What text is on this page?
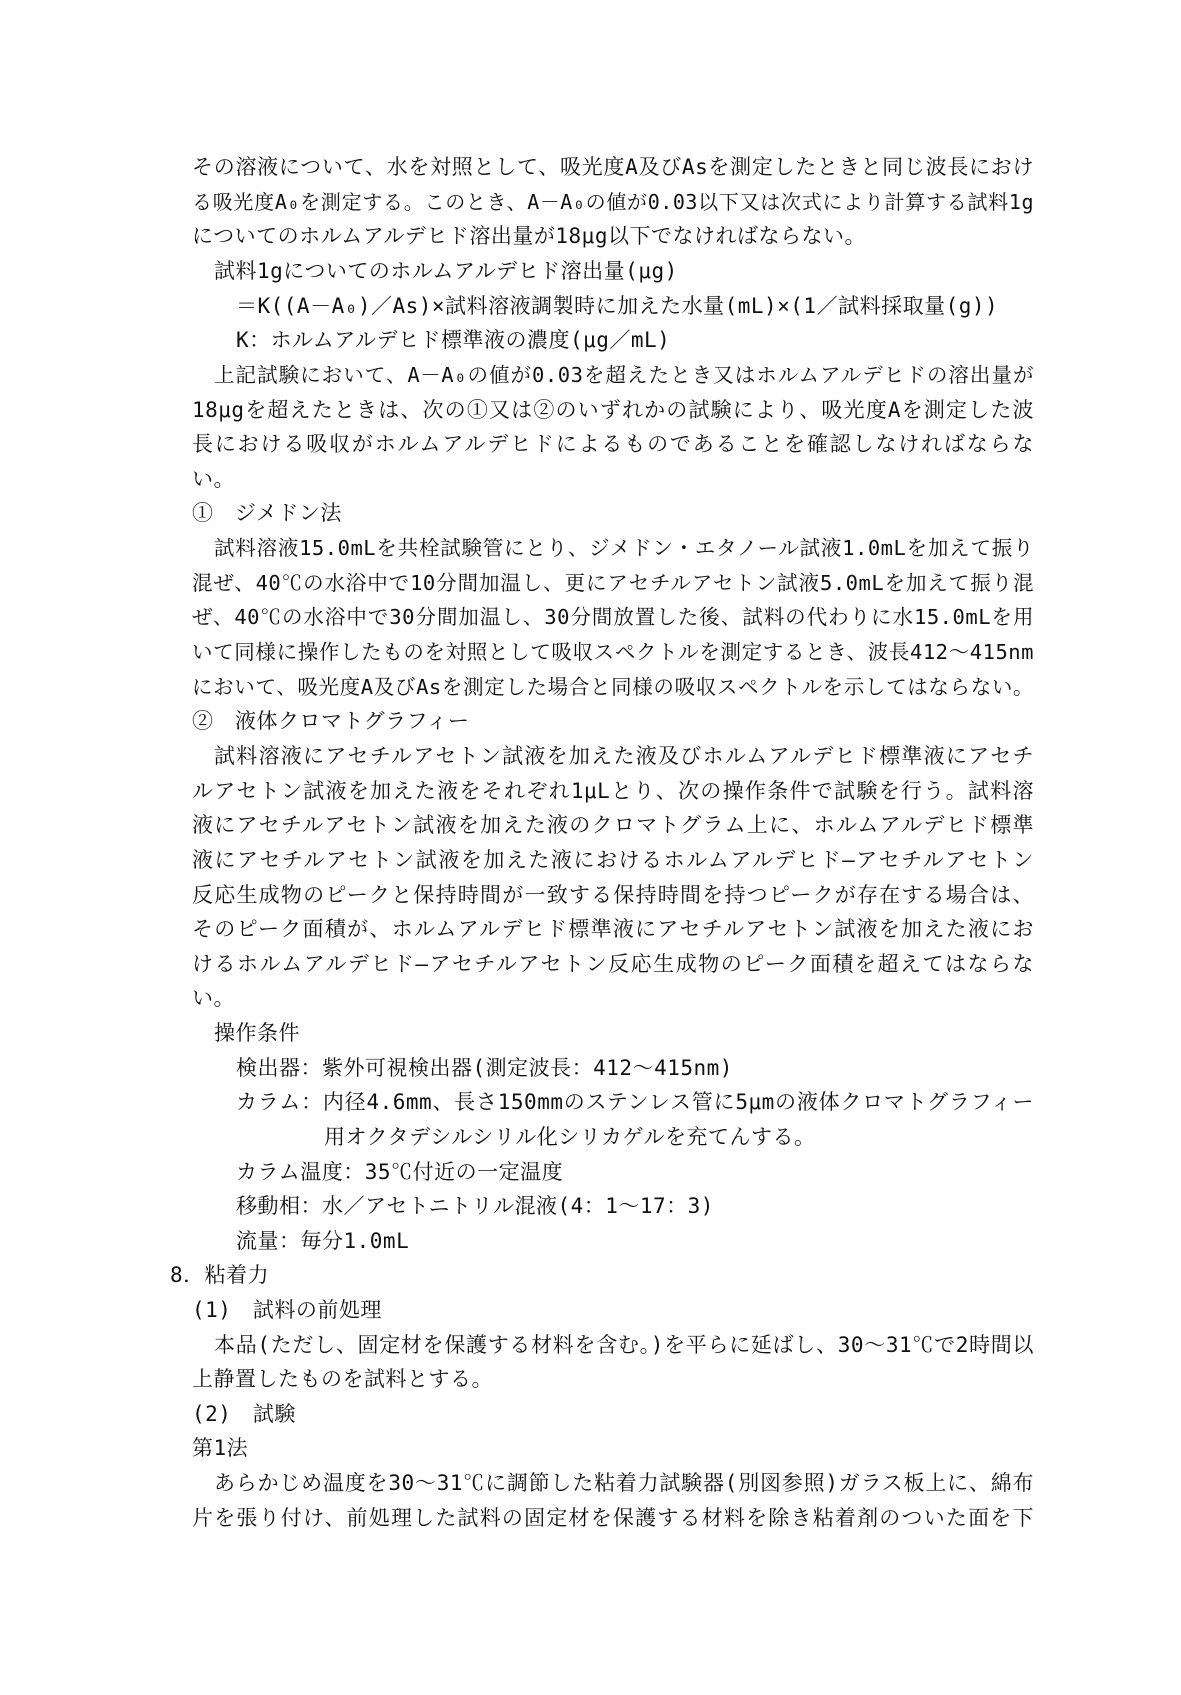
その溶液について、水を対照として、吸光度A及びAsを測定したときと同じ波長におけ
る吸光度A₀を測定する。このとき、A－A₀の値が0.03以下又は次式により計算する試料1g
についてのホルムアルデヒド溶出量が18μg以下でなければならない。
試料1gについてのホルムアルデヒド溶出量(μg)
＝K((A－A₀)／As)×試料溶液調製時に加えた水量(mL)×(1／試料採取量(g))
K：ホルムアルデヒド標準液の濃度(μg／mL)
上記試験において、A－A₀の値が0.03を超えたとき又はホルムアルデヒドの溶出量が
18μgを超えたときは、次の①又は②のいずれかの試験により、吸光度Aを測定した波
長における吸収がホルムアルデヒドによるものであることを確認しなければならな
い。
①　ジメドン法
試料溶液15.0mLを共栓試験管にとり、ジメドン・エタノール試液1.0mLを加えて振り
混ぜ、40℃の水浴中で10分間加温し、更にアセチルアセトン試液5.0mLを加えて振り混
ぜ、40℃の水浴中で30分間加温し、30分間放置した後、試料の代わりに水15.0mLを用
いて同様に操作したものを対照として吸収スペクトルを測定するとき、波長412～415nm
において、吸光度A及びAsを測定した場合と同様の吸収スペクトルを示してはならない。
②　液体クロマトグラフィー
試料溶液にアセチルアセトン試液を加えた液及びホルムアルデヒド標準液にアセチ
ルアセトン試液を加えた液をそれぞれ1μLとり、次の操作条件で試験を行う。試料溶
液にアセチルアセトン試液を加えた液のクロマトグラム上に、ホルムアルデヒド標準
液にアセチルアセトン試液を加えた液におけるホルムアルデヒド―アセチルアセトン
反応生成物のピークと保持時間が一致する保持時間を持つピークが存在する場合は、
そのピーク面積が、ホルムアルデヒド標準液にアセチルアセトン試液を加えた液にお
けるホルムアルデヒド―アセチルアセトン反応生成物のピーク面積を超えてはならな
い。
操作条件
検出器：紫外可視検出器(測定波長：412～415nm)
カラム：内径4.6mm、長さ150mmのステンレス管に5μmの液体クロマトグラフィー
用オクタデシルシリル化シリカゲルを充てんする。
カラム温度：35℃付近の一定温度
移動相：水／アセトニトリル混液(4：1～17：3)
流量：毎分1.0mL
8．粘着力
(1)　試料の前処理
本品(ただし、固定材を保護する材料を含む。)を平らに延ばし、30～31℃で2時間以
上静置したものを試料とする。
(2)　試験
第1法
あらかじめ温度を30～31℃に調節した粘着力試験器(別図参照)ガラス板上に、綿布
片を張り付け、前処理した試料の固定材を保護する材料を除き粘着剤のついた面を下
